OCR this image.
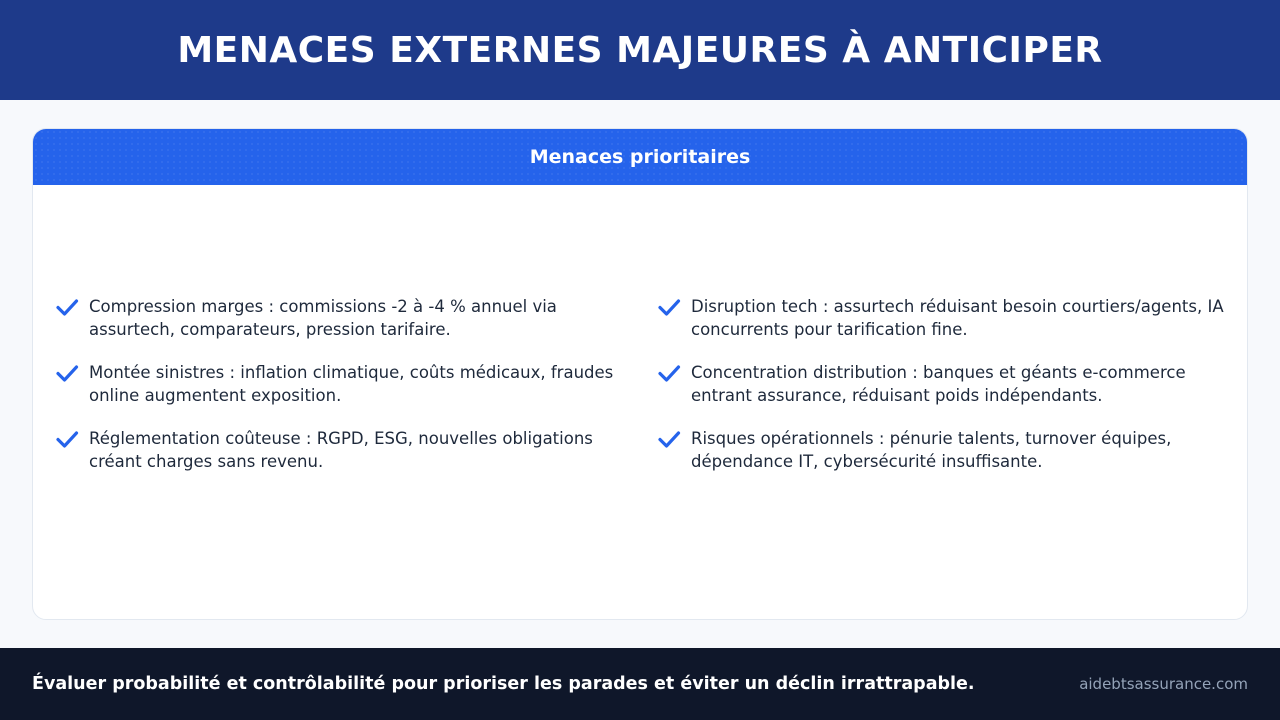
MENACES EXTERNES MAJEURES À ANTICIPER
Menaces prioritaires
Compression marges : commissions -2 à -4 % annuel via assurtech, comparateurs, pression tarifaire.
Montée sinistres : inflation climatique, coûts médicaux, fraudes online augmentent exposition.
Réglementation coûteuse : RGPD, ESG, nouvelles obligations créant charges sans revenu.
Disruption tech : assurtech réduisant besoin courtiers/agents, IA concurrents pour tarification fine.
Concentration distribution : banques et géants e-commerce entrant assurance, réduisant poids indépendants.
Risques opérationnels : pénurie talents, turnover équipes, dépendance IT, cybersécurité insuffisante.
Évaluer probabilité et contrôlabilité pour prioriser les parades et éviter un déclin irrattrapable.	aidebtsassurance.com
